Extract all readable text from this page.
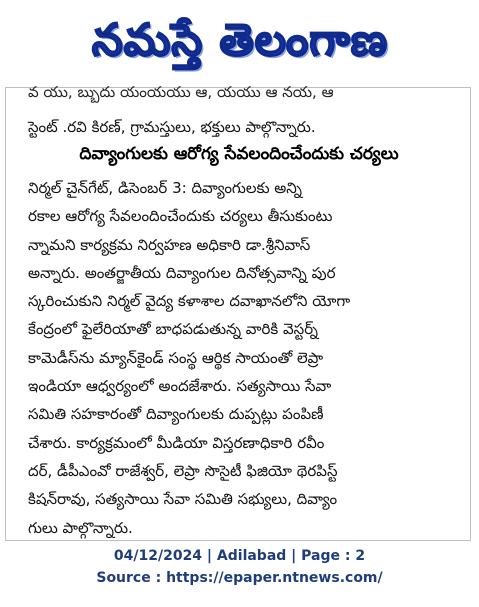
నమస్తే తెలంగాణ
వ యు, బ్బుదు యంయయు ఆ, యయు ఆ నయ, ఆ
స్టెంట్ .రవి కిరణ్, గ్రామస్తులు, భక్తులు పాల్గొన్నారు.
దివ్యాంగులకు ఆరోగ్య సేవలందించేందుకు చర్యలు
నిర్మల్ చైన్‌గేట్, డిసెంబర్ 3: దివ్యాంగులకు అన్ని
రకాల ఆరోగ్య సేవలందించేందుకు చర్యలు తీసుకుంటు
న్నామని కార్యక్రమ నిర్వహణ అధికారి డా.శ్రీనివాస్
అన్నారు. అంతర్జాతీయ దివ్యాంగుల దినోత్సవాన్ని పుర
స్కరించుకుని నిర్మల్ వైద్య కళాశాల దవాఖానలోని యోగా
కేంద్రంలో ఫైలేరియాతో బాధపడుతున్న వారికి వెస్టర్న్
కామెడీస్‌ను మ్యాన్‌కైండ్ సంస్థ ఆర్థిక సాయంతో లెప్రా
ఇండియా ఆధ్వర్యంలో అందజేశారు. సత్యసాయి సేవా
సమితి సహకారంతో దివ్యాంగులకు దుప్పట్లు పంపిణీ
చేశారు. కార్యక్రమంలో మీడియా విస్తరణాధికారి రవీం
దర్, డీపీఎంవో రాజేశ్వర్, లెప్రా సొసైటీ ఫిజియో థెరపిస్ట్
కిషన్‌రావు, సత్యసాయి సేవా సమితి సభ్యులు, దివ్యాం
గులు పాల్గొన్నారు.
04/12/2024 | Adilabad | Page : 2
Source : https://epaper.ntnews.com/
